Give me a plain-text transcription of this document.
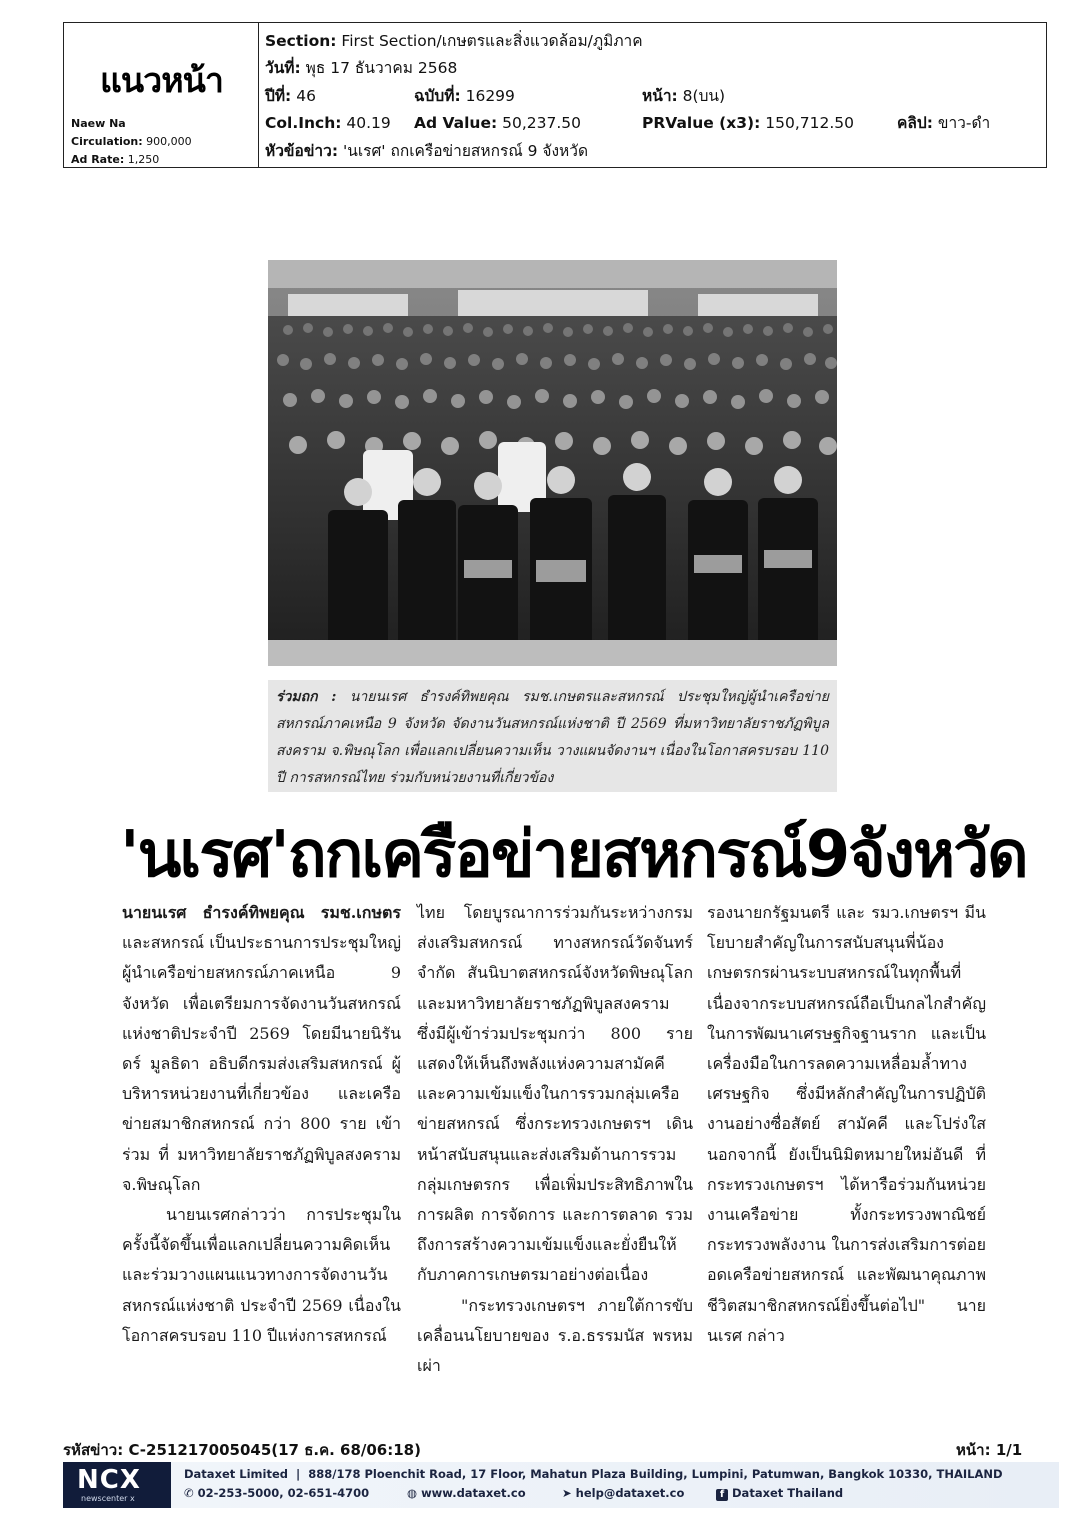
แนวหน้า
Naew Na
Circulation: 900,000
Ad Rate: 1,250
Section: First Section/เกษตรและสิ่งแวดล้อม/ภูมิภาค
วันที่: พุธ 17 ธันวาคม 2568
ปีที่: 46	ฉบับที่: 16299	หน้า: 8(บน)
Col.Inch: 40.19 Ad Value: 50,237.50	PRValue (x3): 150,712.50	คลิป: ขาว-ดำ
หัวข้อข่าว: 'นเรศ' ถกเครือข่ายสหกรณ์ 9 จังหวัด
ร่วมถก : นายนเรศ ธำรงค์ทิพยคุณ รมช.เกษตรและสหกรณ์ ประชุมใหญ่ผู้นำเครือข่ายสหกรณ์ภาคเหนือ 9 จังหวัด จัดงานวันสหกรณ์แห่งชาติ ปี 2569 ที่มหาวิทยาลัยราชภัฏพิบูลสงคราม จ.พิษณุโลก เพื่อแลกเปลี่ยนความเห็น วางแผนจัดงานฯ เนื่องในโอกาสครบรอบ 110 ปี การสหกรณ์ไทย ร่วมกับหน่วยงานที่เกี่ยวข้อง
'นเรศ'ถกเครือข่ายสหกรณ์9จังหวัด

นายนเรศ ธำรงค์ทิพยคุณ รมช.เกษตร และสหกรณ์ เป็นประธานการประชุมใหญ่ผู้นำเครือข่ายสหกรณ์ภาคเหนือ 9 จังหวัด เพื่อเตรียมการจัดงานวันสหกรณ์แห่งชาติประจำปี 2569 โดยมีนายนิรันดร์ มูลธิดา อธิบดีกรมส่งเสริมสหกรณ์ ผู้บริหารหน่วยงานที่เกี่ยวข้อง และเครือข่ายสมาชิกสหกรณ์ กว่า 800 ราย เข้าร่วม ที่ มหาวิทยาลัยราชภัฏพิบูลสงคราม จ.พิษณุโลก

นายนเรศกล่าวว่า การประชุมในครั้งนี้จัดขึ้นเพื่อแลกเปลี่ยนความคิดเห็นและร่วมวางแผนแนวทางการจัดงานวันสหกรณ์แห่งชาติ ประจำปี 2569 เนื่องในโอกาสครบรอบ 110 ปีแห่งการสหกรณ์

ไทย โดยบูรณาการร่วมกันระหว่างกรมส่งเสริมสหกรณ์ ทางสหกรณ์วัดจันทร์ จำกัด สันนิบาตสหกรณ์จังหวัดพิษณุโลก และมหาวิทยาลัยราชภัฏพิบูลสงคราม ซึ่งมีผู้เข้าร่วมประชุมกว่า 800 ราย แสดงให้เห็นถึงพลังแห่งความสามัคคี และความเข้มแข็งในการรวมกลุ่มเครือข่ายสหกรณ์ ซึ่งกระทรวงเกษตรฯ เดินหน้าสนับสนุนและส่งเสริมด้านการรวมกลุ่มเกษตรกร เพื่อเพิ่มประสิทธิภาพในการผลิต การจัดการ และการตลาด รวมถึงการสร้างความเข้มแข็งและยั่งยืนให้กับภาคการเกษตรมาอย่างต่อเนื่อง

"กระทรวงเกษตรฯ ภายใต้การขับเคลื่อนนโยบายของ ร.อ.ธรรมนัส พรหมเผ่า

รองนายกรัฐมนตรี และ รมว.เกษตรฯ มีนโยบายสำคัญในการสนับสนุนพี่น้องเกษตรกรผ่านระบบสหกรณ์ในทุกพื้นที่ เนื่องจากระบบสหกรณ์ถือเป็นกลไกสำคัญในการพัฒนาเศรษฐกิจฐานราก และเป็นเครื่องมือในการลดความเหลื่อมล้ำทางเศรษฐกิจ ซึ่งมีหลักสำคัญในการปฏิบัติงานอย่างซื่อสัตย์ สามัคคี และโปร่งใส นอกจากนี้ ยังเป็นนิมิตหมายใหม่อันดี ที่กระทรวงเกษตรฯ ได้หารือร่วมกันหน่วยงานเครือข่าย ทั้งกระทรวงพาณิชย์ กระทรวงพลังงาน ในการส่งเสริมการต่อยอดเครือข่ายสหกรณ์ และพัฒนาคุณภาพชีวิตสมาชิกสหกรณ์ยิ่งขึ้นต่อไป" นายนเรศ กล่าว

รหัสข่าว: C-251217005045(17 ธ.ค. 68/06:18)	หน้า: 1/1
NCX
newscenter x
Dataxet Limited  |  888/178 Ploenchit Road, 17 Floor, Mahatun Plaza Building, Lumpini, Patumwan, Bangkok 10330, THAILAND
✆ 02-253-5000, 02-651-4700	◍ www.dataxet.co	➤ help@dataxet.co	f Dataxet Thailand
